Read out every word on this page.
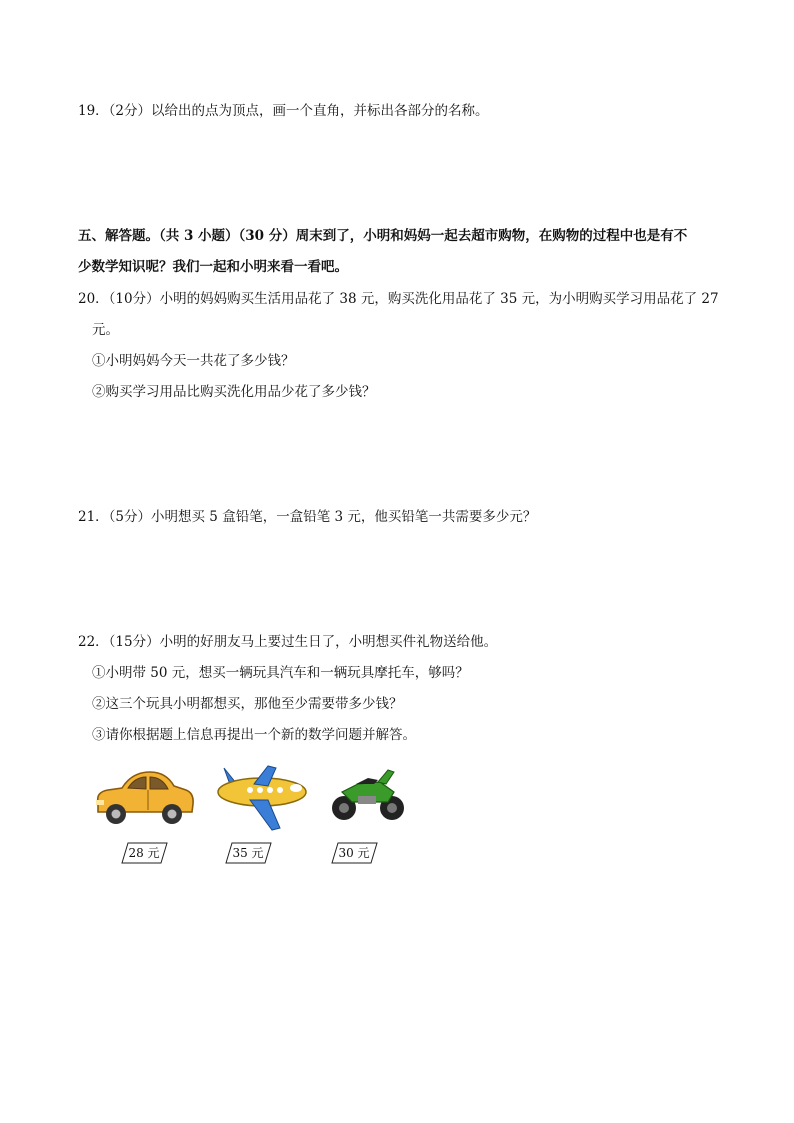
19．（2分）以给出的点为顶点，画一个直角，并标出各部分的名称。
五、解答题。（共 3 小题）（30 分）周末到了，小明和妈妈一起去超市购物，在购物的过程中也是有不
少数学知识呢？我们一起和小明来看一看吧。
20．（10分）小明的妈妈购买生活用品花了 38 元，购买洗化用品花了 35 元，为小明购买学习用品花了 27
元。
①小明妈妈今天一共花了多少钱？
②购买学习用品比购买洗化用品少花了多少钱？
21．（5分）小明想买 5 盒铅笔，一盒铅笔 3 元，他买铅笔一共需要多少元？
22．（15分）小明的好朋友马上要过生日了，小明想买件礼物送给他。
①小明带 50 元，想买一辆玩具汽车和一辆玩具摩托车，够吗？
②这三个玩具小明都想买，那他至少需要带多少钱？
③请你根据题上信息再提出一个新的数学问题并解答。
28 元	35 元	30 元
